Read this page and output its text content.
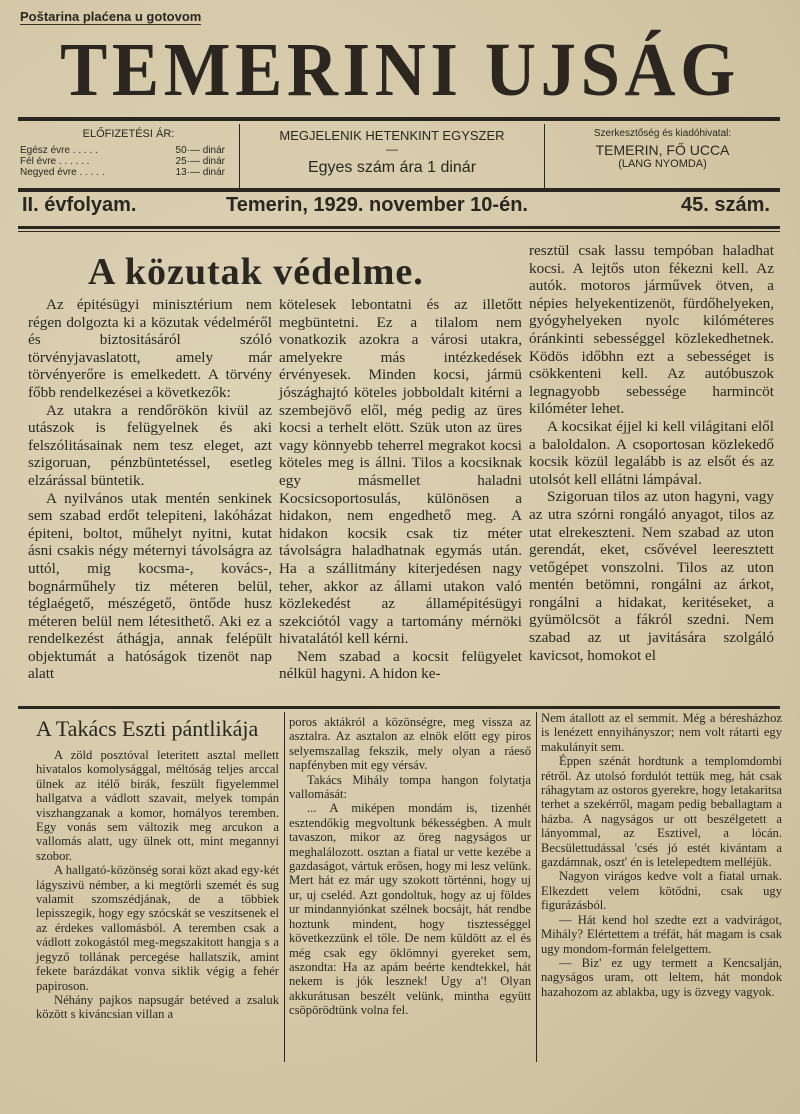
Poštarina plaćena u gotovom
TEMERINI UJSÁG
ELŐFIZETÉSI ÁR:
Egész évre . . . . .	50·— dinár
Fél évre . . . . . .	25·— dinár
Negyed évre . . . . .	13·— dinár
MEGJELENIK HETENKINT EGYSZER
—
Egyes szám ára 1 dinár
Szerkesztőség és kiadóhivatal:
TEMERIN, FŐ UCCA
(LANG NYOMDA)
II. évfolyam.	Temerin, 1929. november 10-én.	45. szám.
A közutak védelme.

Az épitésügyi minisztérium nem régen dolgozta ki a közutak védelméről és biztositásáról szóló törvényjavaslatott, amely már törvényerőre is emelkedett. A törvény főbb rendelkezései a következők:

Az utakra a rendőrökön kivül az utászok is felügyelnek és aki felszólitásainak nem tesz eleget, azt szigoruan, pénzbüntetéssel, esetleg elzárással büntetik.

A nyilvános utak mentén senkinek sem szabad erdőt telepiteni, lakóházat épiteni, boltot, műhelyt nyitni, kutat ásni csakis négy méternyi távolságra az uttól, mig kocsma-, kovács-, bognárműhely tiz méteren belül, téglaégető, mészégető, öntőde husz méteren belül nem létesithető. Aki ez a rendelkezést áthágja, annak felépült objektumát a hatóságok tizenöt nap alatt

kötelesek lebontatni és az illetőtt megbüntetni. Ez a tilalom nem vonatkozik azokra a városi utakra, amelyekre más intézkedések érvényesek. Minden kocsi, jármü jószághajtó köteles jobboldalt kitérni a szembejövő elől, még pedig az üres kocsi a terhelt elött. Szük uton az üres vagy könnyebb teherrel megrakot kocsi köteles meg is állni. Tilos a kocsiknak egy másmellet haladni Kocsicsoportosulás, különösen a hidakon, nem engedhető meg. A hidakon kocsik csak tiz méter távolságra haladhatnak egymás után. Ha a szállitmány kiterjedésen nagy teher, akkor az állami utakon való közlekedést az államépitésügyi szekciótól vagy a tartomány mérnöki hivatalától kell kérni.

Nem szabad a kocsit felügyelet nélkül hagyni. A hidon ke-

resztül csak lassu tempóban haladhat kocsi. A lejtős uton fékezni kell. Az autók. motoros járművek ötven, a népies helyekentizenöt, fürdőhelyeken, gyógyhelyeken nyolc kilóméteres óránkinti sebességgel közlekedhetnek. Ködös időbhn ezt a sebességet is csökkenteni kell. Az autóbuszok legnagyobb sebessége harmincöt kilóméter lehet.

A kocsikat éjjel ki kell világitani elől a baloldalon. A csoportosan közlekedő kocsik közül legalább is az elsőt és az utolsót kell ellátni lámpával.

Szigoruan tilos az uton hagyni, vagy az utra szórni rongáló anyagot, tilos az utat elrekeszteni. Nem szabad az uton gerendát, eket, csővével leeresztett vetőgépet vonszolni. Tilos az uton mentén betömni, rongálni az árkot, rongálni a hidakat, keritéseket, a gyümölcsöt a fákról szedni. Nem szabad az ut javitására szolgáló kavicsot, homokot el

A Takács Eszti pántlikája

A zöld posztóval leteritett asztal mellett hivatalos komolysággal, méltóság teljes arccal ülnek az itélő birák, feszült figyelemmel hallgatva a vádlott szavait, melyek tompán viszhangzanak a komor, homályos teremben. Egy vonás sem változik meg arcukon a vallomás alatt, ugy ülnek ott, mint megannyi szobor.

A hallgató-közönség sorai közt akad egy-két lágyszivü némber, a ki megtörli szemét és sug valamit szomszédjának, de a többiek lepisszegik, hogy egy szócskát se veszitsenek el az érdekes vallomásból. A teremben csak a vádlott zokogástól meg-megszakitott hangja s a jegyző tollának percegése hallatszik, amint fekete barázdákat vonva siklik végig a fehér papiroson.

Néhány pajkos napsugár betéved a zsaluk között s kiváncsian villan a

poros aktákról a közönségre, meg vissza az asztalra. Az asztalon az elnök előtt egy piros selyemszallag fekszik, mely olyan a ráeső napfényben mit egy vérsáv.

Takács Mihály tompa hangon folytatja vallomását:

... A miképen mondám is, tizenhét esztendőkig megvoltunk békességben. A mult tavaszon, mikor az öreg nagyságos ur meghalálozott. osztan a fiatal ur vette kezébe a gazdaságot, vártuk erősen, hogy mi lesz velünk. Mert hát ez már ugy szokott történni, hogy uj ur, uj cseléd. Azt gondoltuk, hogy az uj földes ur mindannyiónkat szélnek bocsájt, hát rendbe hoztunk mindent, hogy tisztességgel következzünk el tőle. De nem küldött az el és még csak egy öklömnyi gyereket sem, aszondta: Ha az apám beérte kendtekkel, hát nekem is jók lesznek! Ugy a'! Olyan akkurátusan beszélt velünk, mintha együtt csöpörödtünk volna fel.

Nem átallott az el semmit. Még a béresházhoz is lenézett ennyihányszor; nem volt rátarti egy makulányit sem.

Éppen szénát hordtunk a templomdombi rétről. Az utolsó fordulót tettük meg, hát csak ráhagytam az ostoros gyerekre, hogy letakaritsa terhet a szekérről, magam pedig beballagtam a házba. A nagyságos ur ott beszélgetett a lányommal, az Esztivel, a lócán. Becsülettudással 'csés jó estét kivántam a gazdámnak, oszt' én is letelepedtem melléjük.

Nagyon virágos kedve volt a fiatal urnak. Elkezdett velem kötődni, csak ugy figurázásból.

— Hát kend hol szedte ezt a vadvirágot, Mihály? Elértettem a tréfát, hát magam is csak ugy mondom-formán felelgettem.

— Biz' ez ugy termett a Kencsalján, nagyságos uram, ott leltem, hát mondok hazahozom az ablakba, ugy is özvegy vagyok.
